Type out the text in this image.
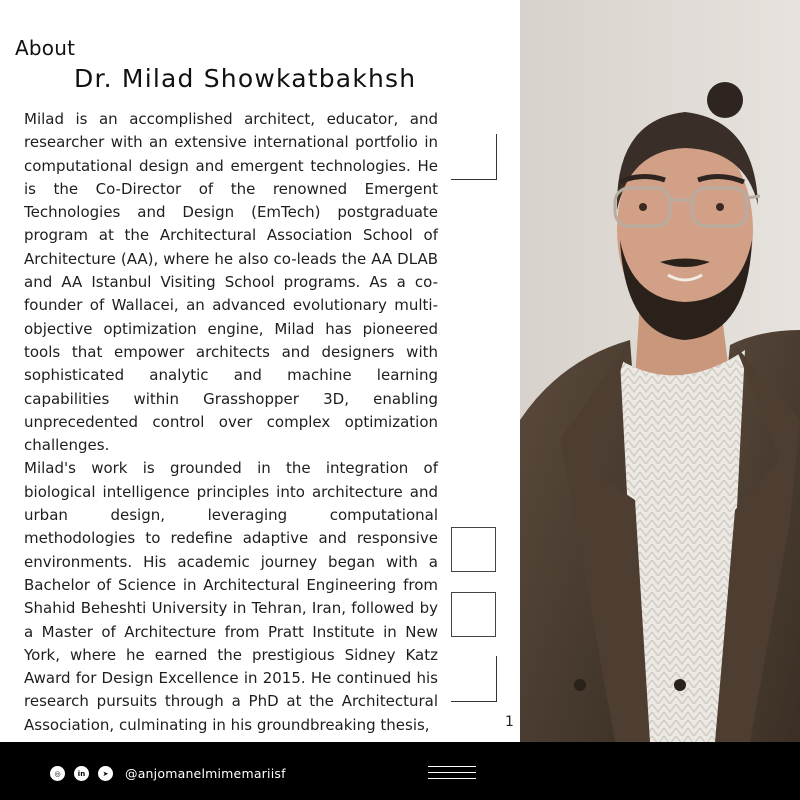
About
Dr. Milad Showkatbakhsh

Milad is an accomplished architect, educator, and researcher with an extensive international portfolio in computational design and emergent technologies. He is the Co-Director of the renowned Emergent Technologies and Design (EmTech) postgraduate program at the Architectural Association School of Architecture (AA), where he also co-leads the AA DLAB and AA Istanbul Visiting School programs. As a co-founder of Wallacei, an advanced evolutionary multi-objective optimization engine, Milad has pioneered tools that empower architects and designers with sophisticated analytic and machine learning capabilities within Grasshopper 3D, enabling unprecedented control over complex optimization challenges.

Milad's work is grounded in the integration of biological intelligence principles into architecture and urban design, leveraging computational methodologies to redefine adaptive and responsive environments. His academic journey began with a Bachelor of Science in Architectural Engineering from Shahid Beheshti University in Tehran, Iran, followed by a Master of Architecture from Pratt Institute in New York, where he earned the prestigious Sidney Katz Award for Design Excellence in 2015. He continued his research pursuits through a PhD at the Architectural Association, culminating in his groundbreaking thesis,	1
◎	in	➤	@anjomanelmimemariisf
